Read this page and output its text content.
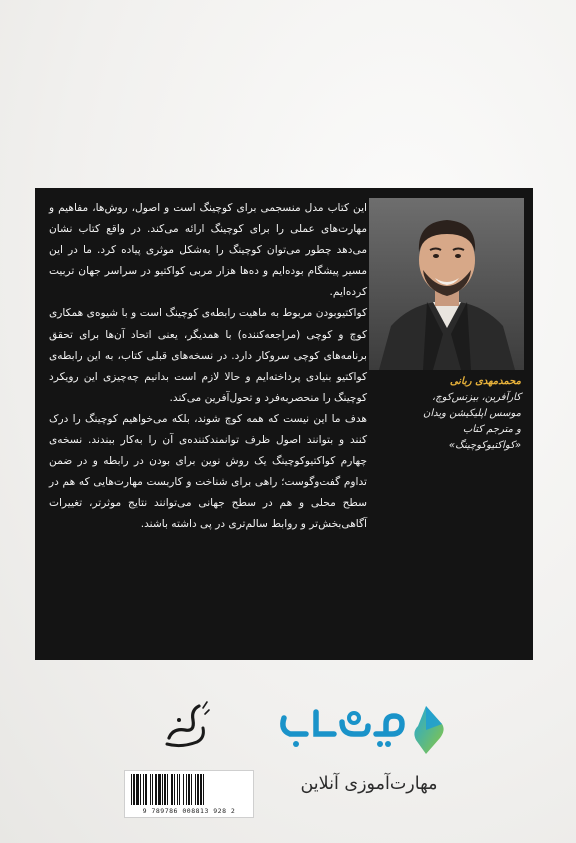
این کتاب مدل منسجمی برای کوچینگ است و اصول، روش‌ها، مفاهیم و مهارت‌های عملی را برای کوچینگ ارائه می‌کند. در واقع کتاب نشان می‌دهد چطور می‌توان کوچینگ را به‌شکل موثری پیاده کرد. ما در این مسیر پیشگام بوده‌ایم و ده‌ها هزار مربی کواکتیو در سراسر جهان تربیت کرده‌ایم.

کواکتیوبودن مربوط به ماهیت رابطه‌ی کوچینگ است و با شیوه‌ی همکاری کوچ و کوچی (مراجعه‌کننده) با همدیگر، یعنی اتحاد آن‌ها برای تحقق برنامه‌های کوچی سروکار دارد. در نسخه‌های قبلی کتاب، به این رابطه‌ی کواکتیو بنیادی پرداخته‌ایم و حالا لازم است بدانیم چه‌چیزی این رویکرد کوچینگ را منحصربه‌فرد و تحول‌آفرین می‌کند.

هدف ما این نیست که همه کوچ شوند، بلکه می‌خواهیم کوچینگ را درک کنند و بتوانند اصول ظرف توانمندکننده‌ی آن را به‌کار ببندند. نسخه‌ی چهارم کواکتیوکوچینگ یک روش نوین برای بودن در رابطه و در ضمن تداوم گفت‌وگوست؛ راهی برای شناخت و کاربست مهارت‌هایی که هم در سطح محلی و هم در سطح جهانی می‌توانند نتایج موثرتر، تغییرات آگاهی‌بخش‌تر و روابط سالم‌تری در پی داشته باشند.

محمدمهدی ربانی
کارآفرین، بیزنس‌کوچ،
موسس اپلیکیشن ویدان
و مترجم کتاب
«کواکتیو‌کوچینگ»
9 789786 008813 928 2
مهارت‌آموزی آنلاین
